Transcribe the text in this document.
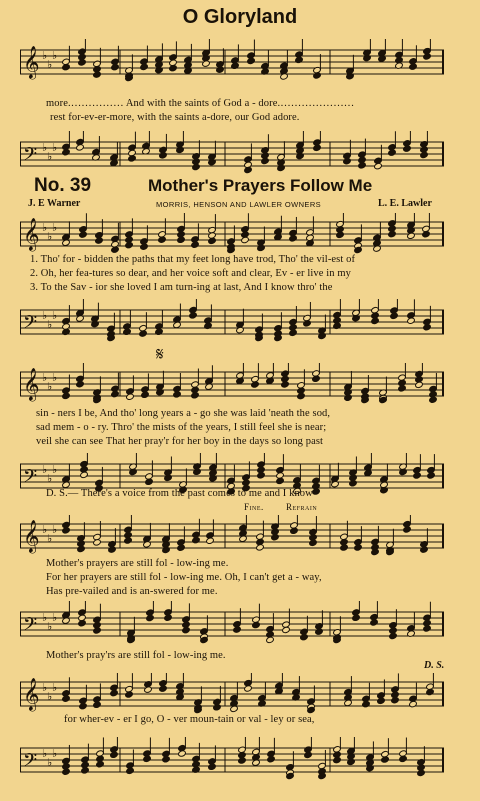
O Gloryland
𝄞 ♭
♭
♭
more.…………… And with the saints of God a - dore.…………………
rest for-ev-er-more, with the saints a-dore, our God adore.
𝄢 ♭
♭
♭
No. 39	Mother's Prayers Follow Me
J. E Warner	MORRIS, HENSON AND LAWLER OWNERS	L. E. Lawler
𝄞 ♭
♭
♭
1. Tho' for - bidden the paths that my feet long have trod, Tho' the vil-est of
2. Oh, her fea-tures so dear, and her voice soft and clear, Ev - er live in my
3. To the Sav - ior she loved I am turn-ing at last, And I know thro' the
𝄢 ♭
♭
♭
𝄋
𝄞 ♭
♭
♭
sin - ners I be, And tho' long years a - go she was laid 'neath the sod,
sad mem - o - ry. Thro' the mists of the years, I still feel she is near;
veil she can see That her pray'r for her boy in the days so long past
𝄢 ♭
♭
♭
D. S.— There's a voice from the past comes to me and I know
Fine. Refrain
𝄞 ♭
♭
♭
Mother's prayers are still fol - low-ing me.
For her prayers are still fol - low-ing me. Oh, I can't get a - way,
Has pre-vailed and is an-swered for me.
𝄢 ♭
♭
♭
Mother's pray'rs are still fol - low-ing me.
D. S.
𝄞 ♭
♭
♭
for wher-ev - er I go, O - ver moun-tain or val - ley or sea,
𝄢 ♭
♭
♭
